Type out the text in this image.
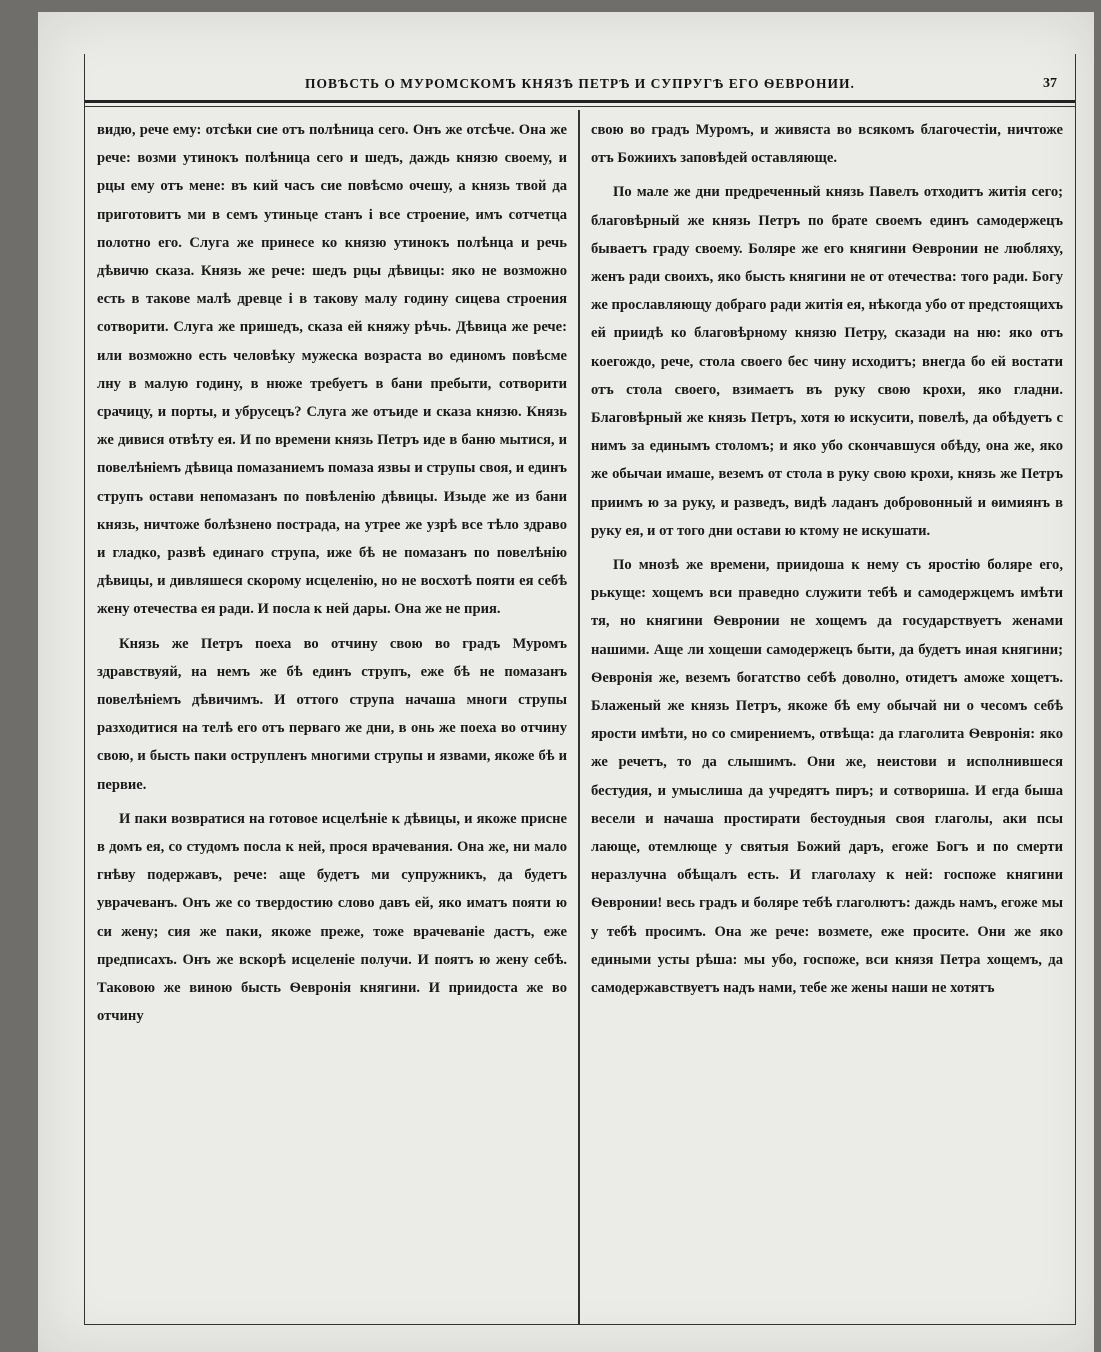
ПОВѢСТЬ О МУРОМСКОМЪ КНЯЗѢ ПЕТРѢ И СУПРУГѢ ЕГО ѲЕВРОНИИ.	37

видю, рече ему: отсѣки сие отъ полѣница сего. Онъ же отсѣче. Она же рече: возми утинокъ полѣница сего и шедъ, даждь князю своему, и рцы ему отъ мене: въ кий часъ сие повѣсмо очешу, а князь твой да приготовитъ ми в семъ утиньце станъ і все строение, имъ сотчетца полотно его. Слуга же принесе ко князю утинокъ полѣнца и речь дѣвичю сказа. Князь же рече: шедъ рцы дѣвицы: яко не возможно есть в такове малѣ древце і в такову малу годину сицева строения сотворити. Слуга же пришедъ, сказа ей княжу рѣчь. Дѣвица же рече: или возможно есть человѣку мужеска возраста во единомъ повѣсме лну в малую годину, в нюже требуетъ в бани пребыти, сотворити срачицу, и порты, и убрусецъ? Слуга же отъиде и сказа князю. Князь же дивися отвѣту ея. И по времени князь Петръ иде в баню мытися, и повелѣніемъ дѣвица помазаниемъ помаза язвы и струпы своя, и единъ струпъ остави непомазанъ по повѣленію дѣвицы. Изыде же из бани князь, ничтоже болѣзнено пострада, на утрее же узрѣ все тѣло здраво и гладко, развѣ единаго струпа, иже бѣ не помазанъ по повелѣнію дѣвицы, и дивляшеся скорому исцеленію, но не восхотѣ пояти ея себѣ жену отечества ея ради. И посла к ней дары. Она же не прия.

Князь же Петръ поеха во отчину свою во градъ Муромъ здравствуяй, на немъ же бѣ единъ струпъ, еже бѣ не помазанъ повелѣніемъ дѣвичимъ. И оттого струпа начаша многи струпы разходитися на телѣ его отъ перваго же дни, в онь же поеха во отчину свою, и бысть паки острупленъ многими струпы и язвами, якоже бѣ и первие.

И паки возвратися на готовое исцелѣніе к дѣвицы, и якоже присне в домъ ея, со студомъ посла к ней, прося врачевания. Она же, ни мало гнѣву подержавъ, рече: аще будетъ ми супружникъ, да будетъ уврачеванъ. Онъ же со твердостию слово давъ ей, яко иматъ пояти ю си жену; сия же паки, якоже преже, тоже врачеваніе дастъ, еже предписахъ. Онъ же вскорѣ исцеленіе получи. И поятъ ю жену себѣ. Таковою же виною бысть Ѳевронія княгини. И приидоста же во отчину

свою во градъ Муромъ, и живяста во всякомъ благочестіи, ничтоже отъ Божиихъ заповѣдей оставляюще.

По мале же дни предреченный князь Павелъ отходитъ житія сего; благовѣрный же князь Петръ по брате своемъ единъ самодержецъ бываетъ граду своему. Боляре же его княгини Ѳевронии не любляху, женъ ради своихъ, яко бысть княгини не от отечества: того ради. Богу же прославляющу добраго ради житія ея, нѣкогда убо от предстоящихъ ей приидѣ ко благовѣрному князю Петру, сказади на ню: яко отъ коегождо, рече, стола своего бес чину исходитъ; внегда бо ей востати отъ стола своего, взимаетъ въ руку свою крохи, яко гладни. Благовѣрный же князь Петръ, хотя ю искусити, повелѣ, да обѣдуетъ с нимъ за единымъ столомъ; и яко убо скончавшуся обѣду, она же, яко же обычаи имаше, веземъ от стола в руку свою крохи, князь же Петръ приимъ ю за руку, и разведъ, видѣ ладанъ добровонный и ѳимиянъ в руку ея, и от того дни остави ю ктому не искушати.

По мнозѣ же времени, приидоша к нему съ яростію боляре его, рькуще: хощемъ вси праведно служити тебѣ и самодержцемъ имѣти тя, но княгини Ѳевронии не хощемъ да государствуетъ женами нашими. Аще ли хощеши самодержецъ быти, да будетъ иная княгини; Ѳевронія же, веземъ богатство себѣ доволно, отидетъ аможе хощетъ. Блаженый же князь Петръ, якоже бѣ ему обычай ни о чесомъ себѣ ярости имѣти, но со смирениемъ, отвѣща: да глаголита Ѳевронія: яко же речетъ, то да слышимъ. Они же, неистови и исполнившеся бестудия, и умыслиша да учредятъ пиръ; и сотвориша. И егда быша весели и начаша простирати бестоудныя своя глаголы, аки псы лающе, отемлюще у святыя Божий даръ, егоже Богъ и по смерти неразлучна обѣщалъ есть. И глаголаху к ней: госпоже княгини Ѳевронии! весь градъ и боляре тебѣ глаголютъ: даждь намъ, егоже мы у тебѣ просимъ. Она же рече: возмете, еже просите. Они же яко едиными усты рѣша: мы убо, госпоже, вси князя Петра хощемъ, да самодержавствуетъ надъ нами, тебе же жены наши не хотятъ
